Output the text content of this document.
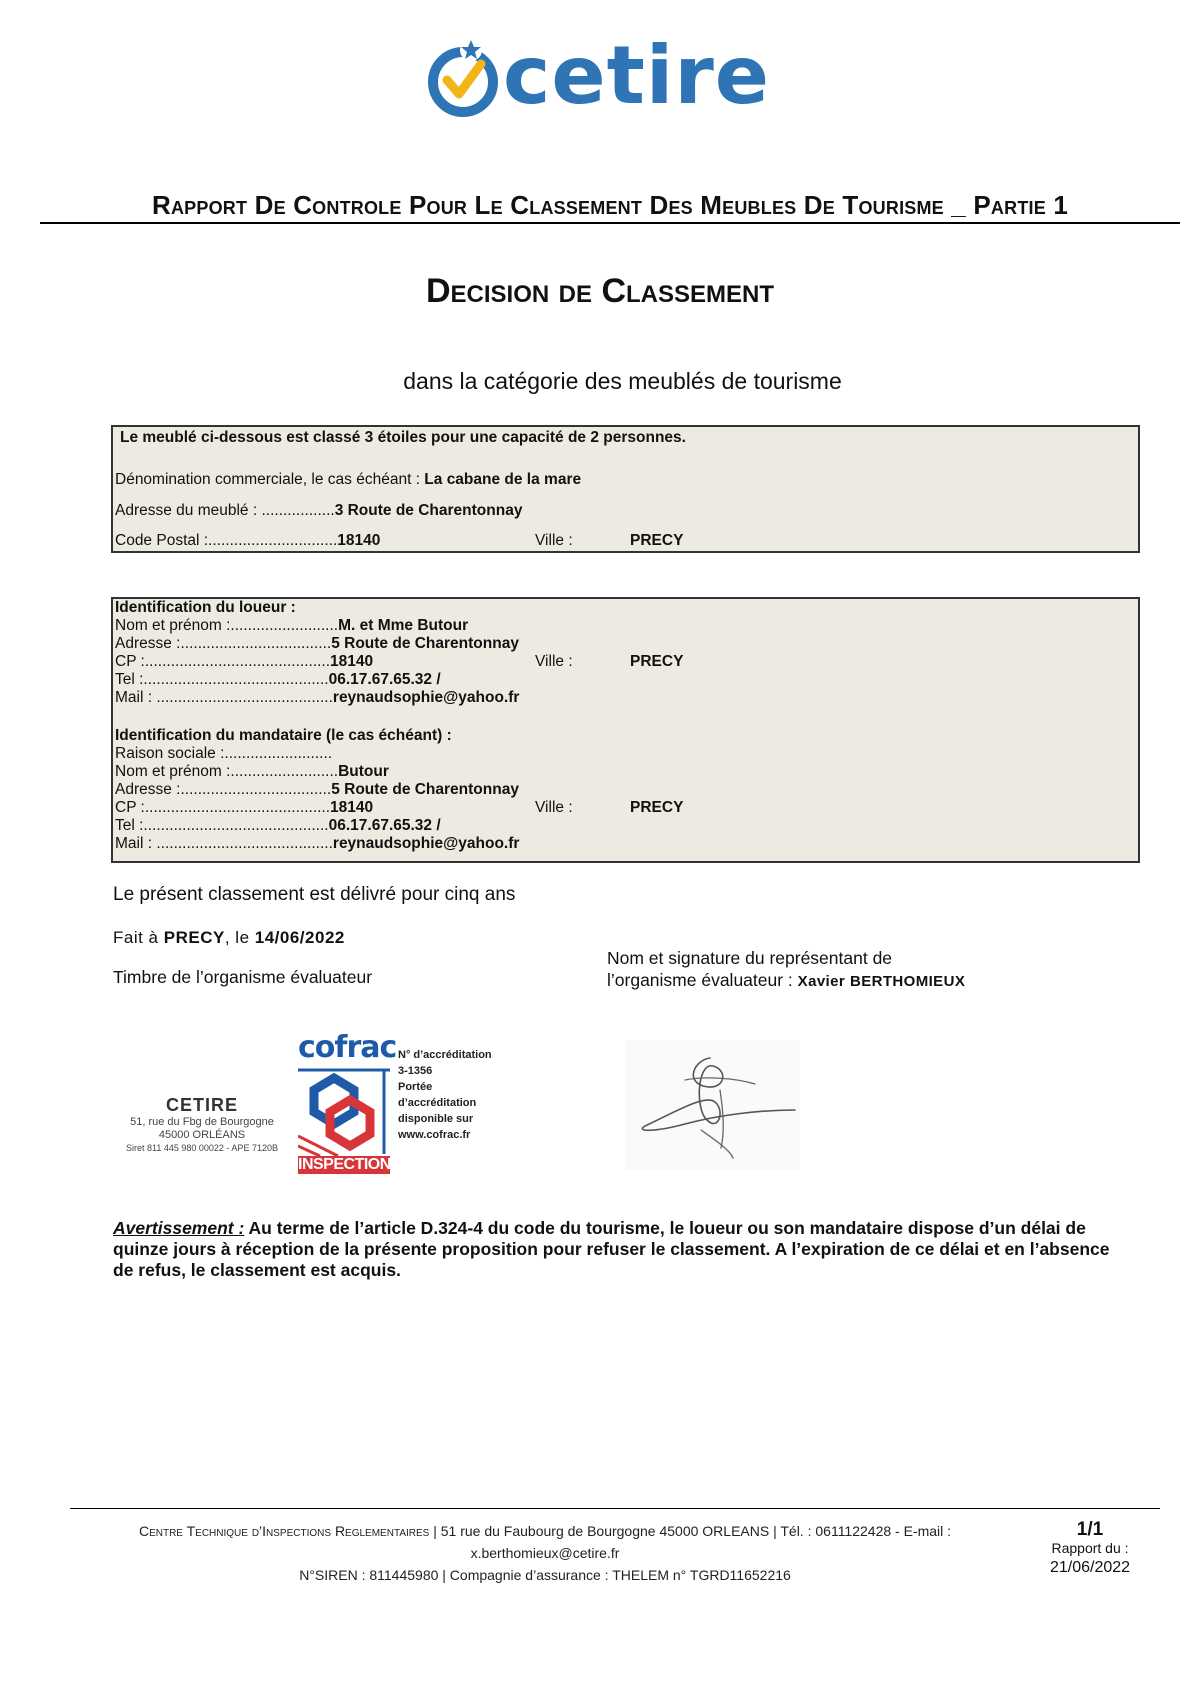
cetire
Rapport De Controle Pour Le Classement Des Meubles De Tourisme _ Partie 1
Decision de Classement
dans la catégorie des meublés de tourisme
Le meublé ci-dessous est classé 3 étoiles pour une capacité de 2 personnes.
Dénomination commerciale, le cas échéant : La cabane de la mare
Adresse du meublé : .................3 Route de Charentonnay
Code Postal :..............................18140	Ville :	PRECY
Identification du loueur :
Nom et prénom :.........................M. et Mme Butour
Adresse :...................................5 Route de Charentonnay
CP :...........................................18140	Ville :	PRECY
Tel :...........................................06.17.67.65.32 /
Mail : .........................................reynaudsophie@yahoo.fr
Identification du mandataire (le cas échéant) :
Raison sociale :.........................
Nom et prénom :.........................Butour
Adresse :...................................5 Route de Charentonnay
CP :...........................................18140	Ville :	PRECY
Tel :...........................................06.17.67.65.32 /
Mail : .........................................reynaudsophie@yahoo.fr
Le présent classement est délivré pour cinq ans
Fait à PRECY, le 14/06/2022
Timbre de l’organisme évaluateur
Nom et signature du représentant de
l’organisme évaluateur : Xavier BERTHOMIEUX
CETIRE
51, rue du Fbg de Bourgogne
45000 ORLÉANS
Siret 811 445 980 00022 - APE 7120B
cofrac
INSPECTION
N° d’accréditation
3-1356
Portée
d’accréditation
disponible sur
www.cofrac.fr
Avertissement : Au terme de l’article D.324-4 du code du tourisme, le loueur ou son mandataire dispose d’un délai de quinze jours à réception de la présente proposition pour refuser le classement. A l’expiration de ce délai et en l’absence de refus, le classement est acquis.
Centre Technique d’Inspections Reglementaires | 51 rue du Faubourg de Bourgogne 45000 ORLEANS | Tél. : 0611122428 - E-mail :
x.berthomieux@cetire.fr
N°SIREN : 811445980 | Compagnie d’assurance : THELEM n° TGRD11652216
1/1
Rapport du :
21/06/2022
